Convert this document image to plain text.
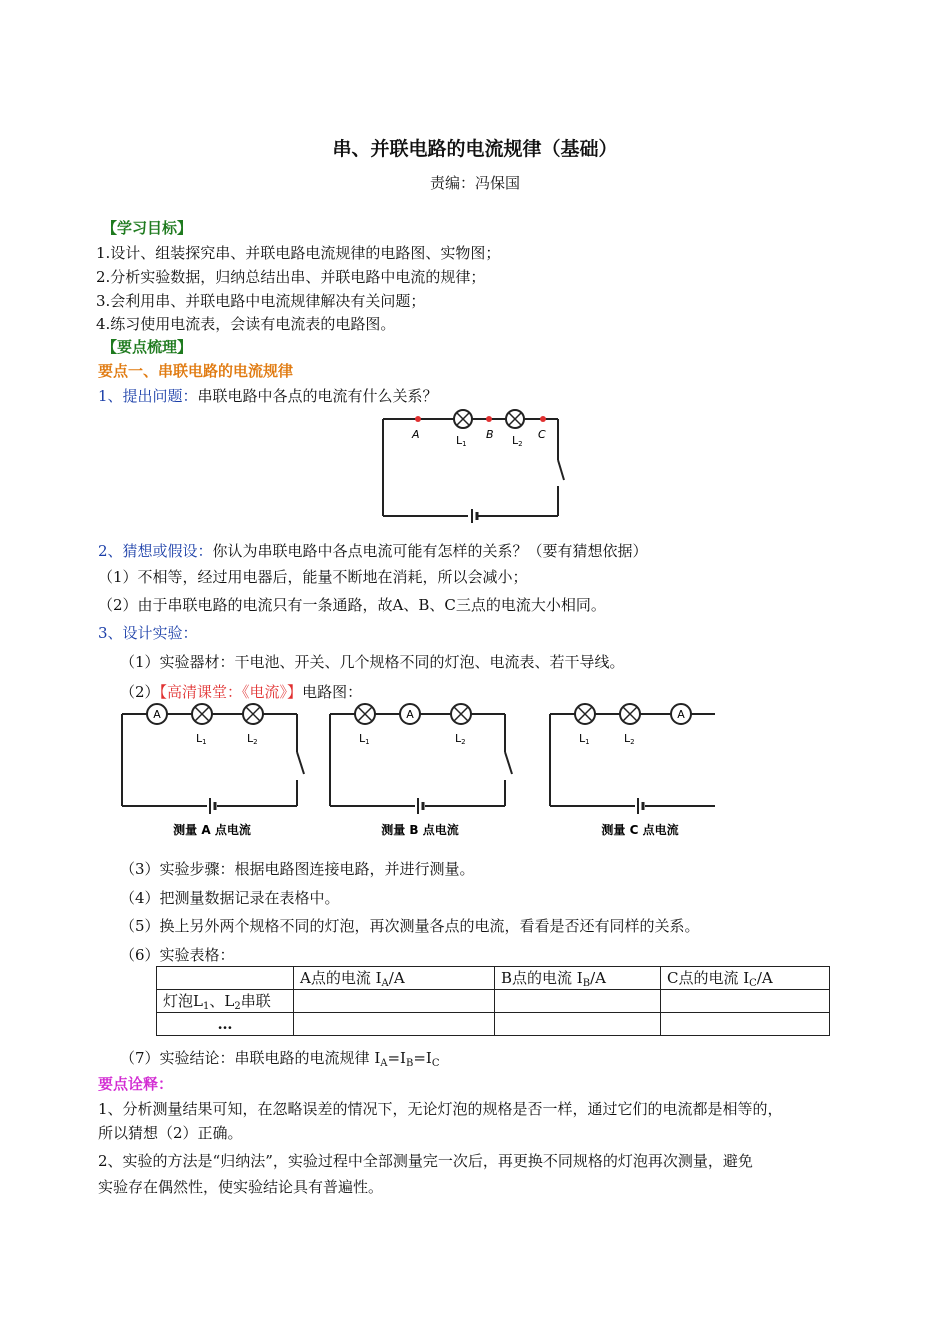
串、并联电路的电流规律（基础）
责编：冯保国
【学习目标】
1.设计、组装探究串、并联电路电流规律的电路图、实物图；
2.分析实验数据，归纳总结出串、并联电路中电流的规律；
3.会利用串、并联电路中电流规律解决有关问题；
4.练习使用电流表，会读有电流表的电路图。
【要点梳理】
要点一、串联电路的电流规律
1、提出问题：串联电路中各点的电流有什么关系？
A	B	C
L1	L2
2、猜想或假设：你认为串联电路中各点电流可能有怎样的关系？（要有猜想依据）
（1）不相等，经过用电器后，能量不断地在消耗，所以会减小；
（2）由于串联电路的电流只有一条通路，故A、B、C三点的电流大小相同。
3、设计实验：
（1）实验器材：干电池、开关、几个规格不同的灯泡、电流表、若干导线。
（2）【高清课堂：《电流》】电路图：
A
L1	L2
测量 A 点电流
L1
A
L2
测量 B 点电流
L1	L2
A
测量 C 点电流
（3）实验步骤：根据电路图连接电路，并进行测量。
（4）把测量数据记录在表格中。
（5）换上另外两个规格不同的灯泡，再次测量各点的电流，看看是否还有同样的关系。
（6）实验表格：
	A点的电流 $I_A/A$	B点的电流 $I_B/A$	C点的电流 $I_C/A$
灯泡$L_1$、$L_2$串联			
…			
（7）实验结论：串联电路的电流规律 $I_A=I_B=I_C$
要点诠释：
1、分析测量结果可知，在忽略误差的情况下，无论灯泡的规格是否一样，通过它们的电流都是相等的，
所以猜想（2）正确。
2、实验的方法是“归纳法”，实验过程中全部测量完一次后，再更换不同规格的灯泡再次测量，避免
实验存在偶然性，使实验结论具有普遍性。
